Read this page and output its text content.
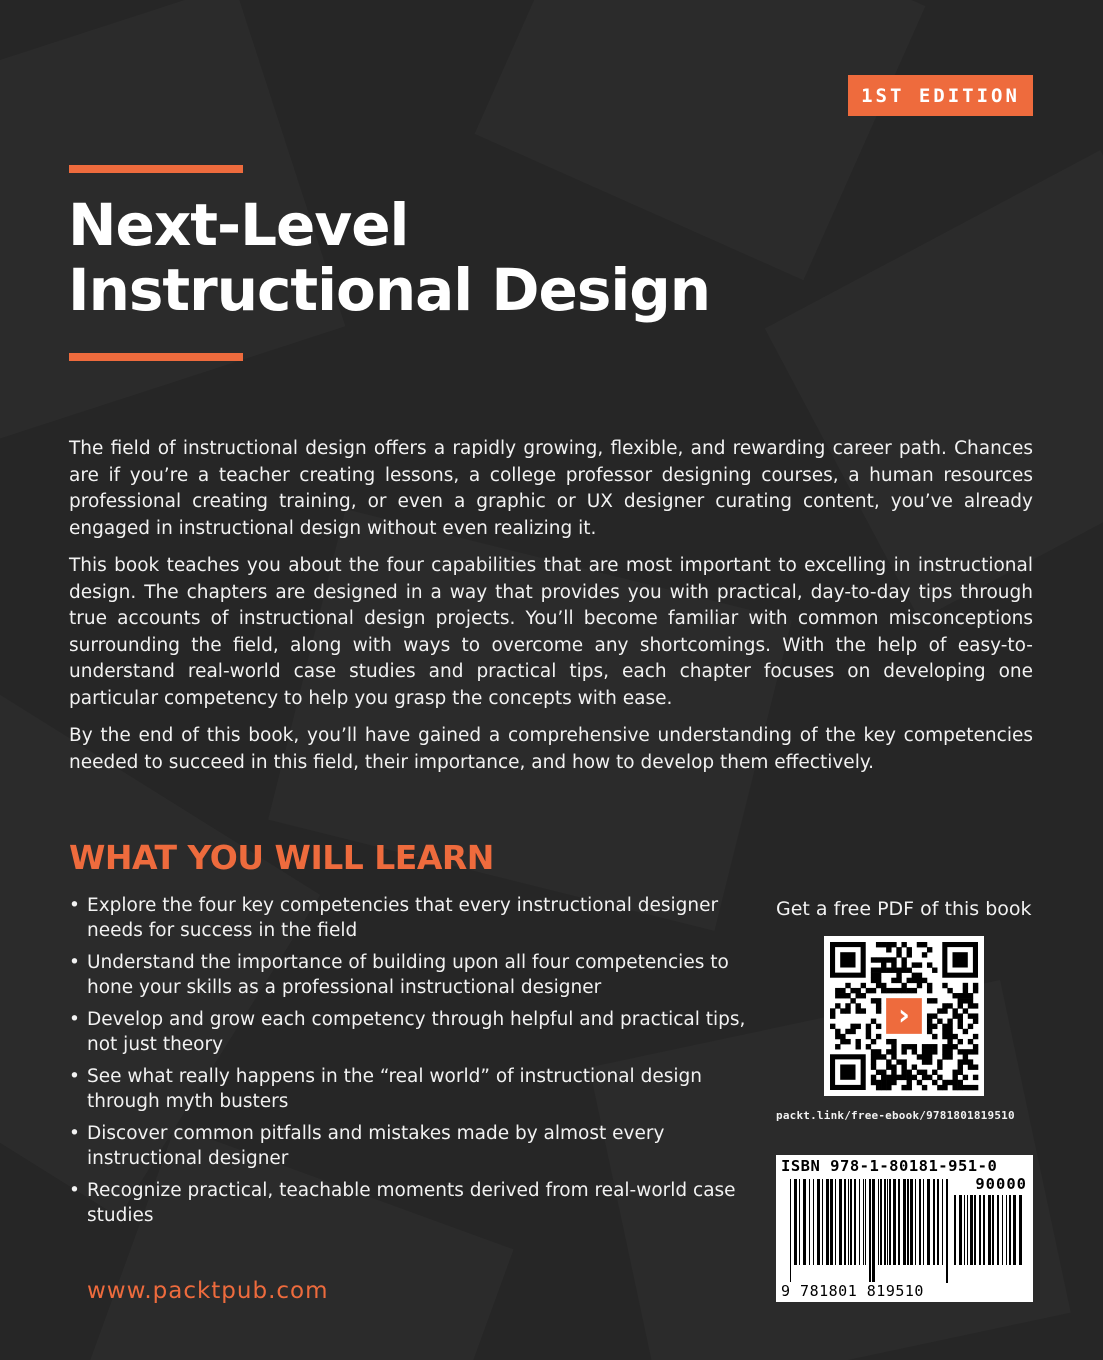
1ST EDITION
Next-Level
Instructional Design

The field of instructional design offers a rapidly growing, flexible, and rewarding career path. Chances are if you’re a teacher creating lessons, a college professor designing courses, a human resources professional creating training, or even a graphic or UX designer curating content, you’ve already engaged in instructional design without even realizing it.

This book teaches you about the four capabilities that are most important to excelling in instructional design. The chapters are designed in a way that provides you with practical, day-to-day tips through true accounts of instructional design projects. You’ll become familiar with common misconceptions surrounding the field, along with ways to overcome any shortcomings. With the help of easy-to-understand real-world case studies and practical tips, each chapter focuses on developing one particular competency to help you grasp the concepts with ease.

By the end of this book, you’ll have gained a comprehensive understanding of the key competencies needed to succeed in this field, their importance, and how to develop them effectively.

WHAT YOU WILL LEARN
• Explore the four key competencies that every instructional designer needs for success in the field
• Understand the importance of building upon all four competencies to hone your skills as a professional instructional designer
• Develop and grow each competency through helpful and practical tips, not just theory
• See what really happens in the “real world” of instructional design through myth busters
• Discover common pitfalls and mistakes made by almost every instructional designer
• Recognize practical, teachable moments derived from real-world case studies
www.packtpub.com
Get a free PDF of this book
›
packt.link/free-ebook/9781801819510
ISBN 978-1-80181-951-0
90000
9 781801 819510
